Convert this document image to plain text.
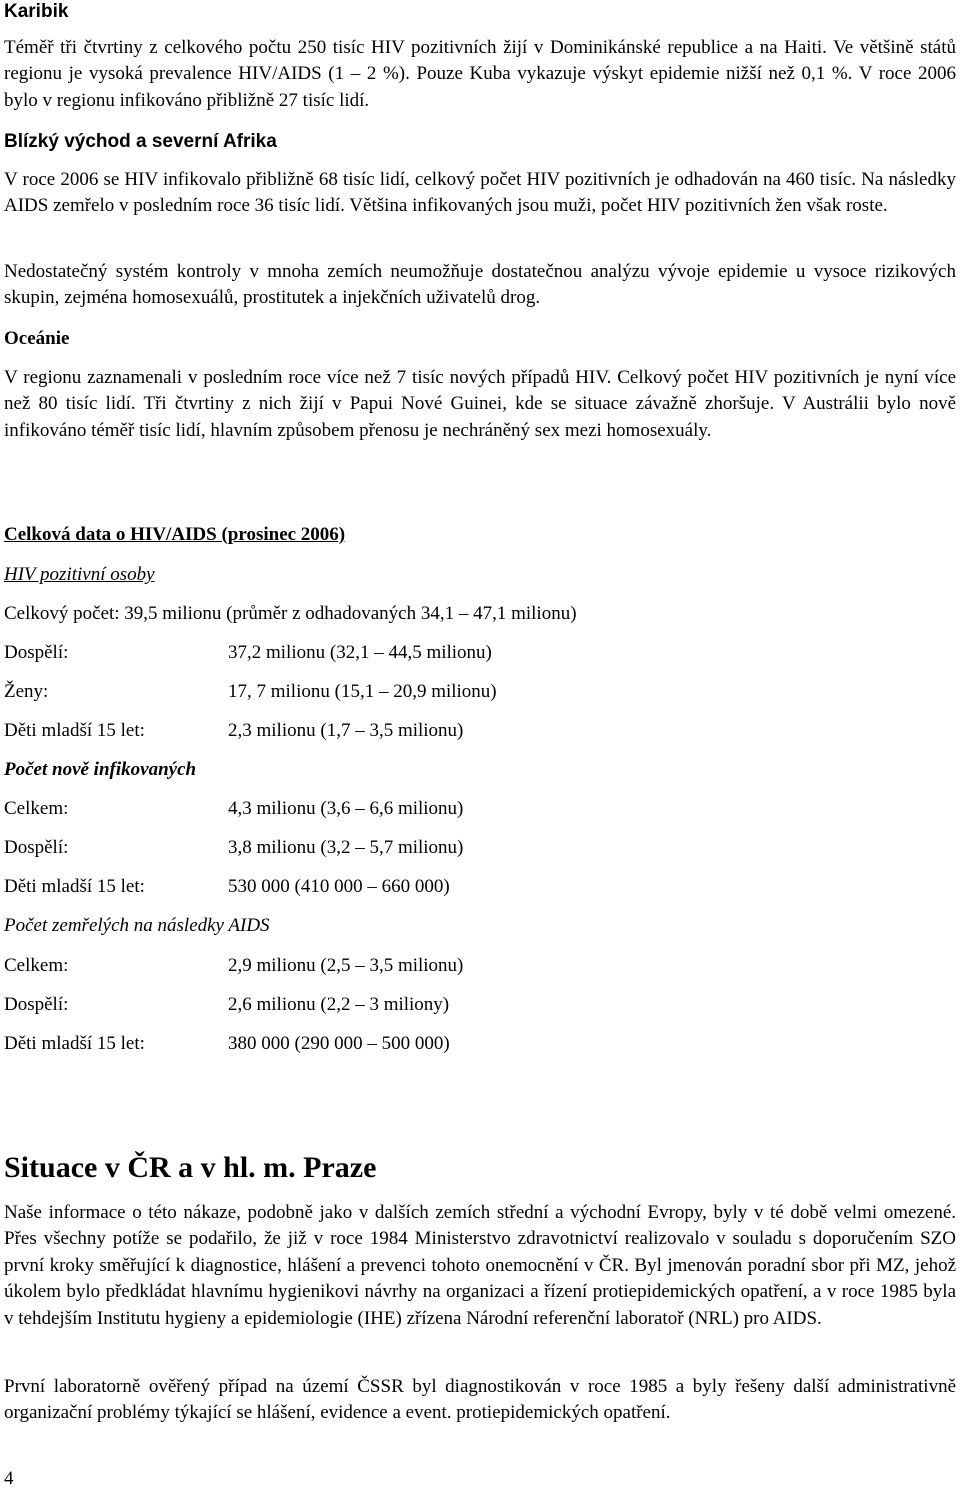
Karibik

Téměř tři čtvrtiny z celkového počtu 250 tisíc HIV pozitivních žijí v Dominikánské republice a na Haiti. Ve většině států regionu je vysoká prevalence HIV/AIDS (1 – 2 %). Pouze Kuba vykazuje výskyt epidemie nižší než 0,1 %. V roce 2006 bylo v regionu infikováno přibližně 27 tisíc lidí.

Blízký východ a severní Afrika

V roce 2006 se HIV infikovalo přibližně 68 tisíc lidí, celkový počet HIV pozitivních je odhadován na 460 tisíc. Na následky AIDS zemřelo v posledním roce 36 tisíc lidí. Většina infikovaných jsou muži, počet HIV pozitivních žen však roste.

Nedostatečný systém kontroly v mnoha zemích neumožňuje dostatečnou analýzu vývoje epidemie u vysoce rizikových skupin, zejména homosexuálů, prostitutek a injekčních uživatelů drog.

Oceánie

V regionu zaznamenali v posledním roce více než 7 tisíc nových případů HIV. Celkový počet HIV pozitivních je nyní více než 80 tisíc lidí. Tři čtvrtiny z nich žijí v Papui Nové Guinei, kde se situace závažně zhoršuje. V Austrálii bylo nově infikováno téměř tisíc lidí, hlavním způsobem přenosu je nechráněný sex mezi homosexuály.

Celková data o HIV/AIDS (prosinec 2006)
HIV pozitivní osoby
Celkový počet: 39,5 milionu (průměr z odhadovaných 34,1 – 47,1 milionu)
Dospělí:	37,2 milionu (32,1 – 44,5 milionu)
Ženy:	17, 7 milionu (15,1 – 20,9 milionu)
Děti mladší 15 let:	2,3 milionu (1,7 – 3,5 milionu)
Počet nově infikovaných
Celkem:	4,3 milionu (3,6 – 6,6 milionu)
Dospělí:	3,8 milionu (3,2 – 5,7 milionu)
Děti mladší 15 let:	530 000 (410 000 – 660 000)
Počet zemřelých na následky AIDS
Celkem:	2,9 milionu (2,5 – 3,5 milionu)
Dospělí:	2,6 milionu (2,2 – 3 miliony)
Děti mladší 15 let:	380 000 (290 000 – 500 000)
Situace v ČR a v hl. m. Praze

Naše informace o této nákaze, podobně jako v dalších zemích střední a východní Evropy, byly v té době velmi omezené. Přes všechny potíže se podařilo, že již v roce 1984 Ministerstvo zdravotnictví realizovalo v souladu s doporučením SZO první kroky směřující k diagnostice, hlášení a prevenci tohoto onemocnění v ČR. Byl jmenován poradní sbor při MZ, jehož úkolem bylo předkládat hlavnímu hygienikovi návrhy na organizaci a řízení protiepidemických opatření, a v roce 1985 byla v tehdejším Institutu hygieny a epidemiologie (IHE) zřízena Národní referenční laboratoř (NRL) pro AIDS.

První laboratorně ověřený případ na území ČSSR byl diagnostikován v roce 1985 a byly řešeny další administrativně organizační problémy týkající se hlášení, evidence a event. protiepidemických opatření.

4
